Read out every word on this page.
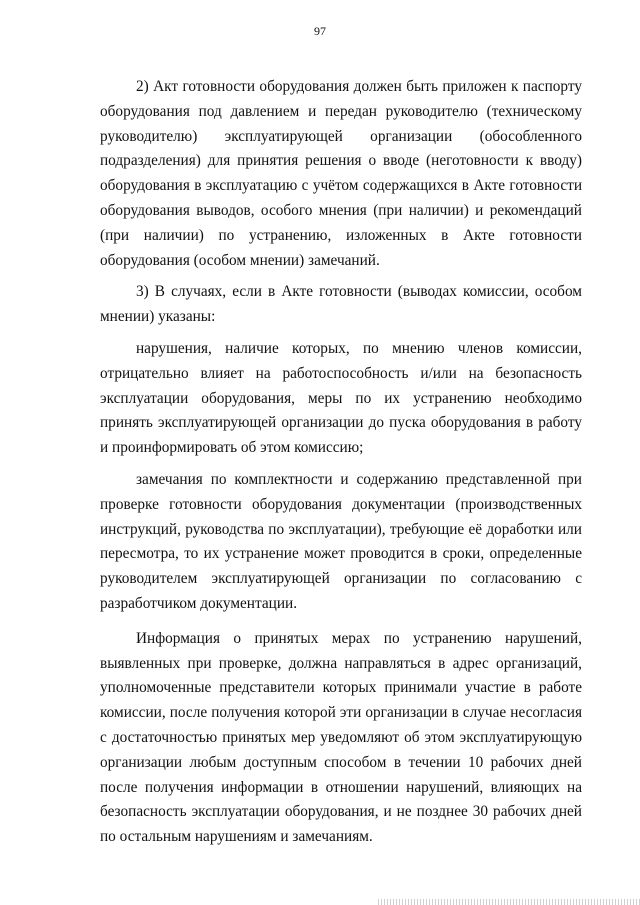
97

2) Акт готовности оборудования должен быть приложен к паспорту оборудования под давлением и передан руководителю (техническому руководителю) эксплуатирующей организации (обособленного подразделения) для принятия решения о вводе (неготовности к вводу) оборудования в эксплуатацию с учётом содержащихся в Акте готовности оборудования выводов, особого мнения (при наличии) и рекомендаций (при наличии) по устранению, изложенных в Акте готовности оборудования (особом мнении) замечаний.

3) В случаях, если в Акте готовности (выводах комиссии, особом мнении) указаны:

нарушения, наличие которых, по мнению членов комиссии, отрицательно влияет на работоспособность и/или на безопасность эксплуатации оборудования, меры по их устранению необходимо принять эксплуатирующей организации до пуска оборудования в работу и проинформировать об этом комиссию;

замечания по комплектности и содержанию представленной при проверке готовности оборудования документации (производственных инструкций, руководства по эксплуатации), требующие её доработки или пересмотра, то их устранение может проводится в сроки, определенные руководителем эксплуатирующей организации по согласованию с разработчиком документации.

Информация о принятых мерах по устранению нарушений, выявленных при проверке, должна направляться в адрес организаций, уполномоченные представители которых принимали участие в работе комиссии, после получения которой эти организации в случае несогласия с достаточностью принятых мер уведомляют об этом эксплуатирующую организации любым доступным способом в течении 10 рабочих дней после получения информации в отношении нарушений, влияющих на безопасность эксплуатации оборудования, и не позднее 30 рабочих дней по остальным нарушениям и замечаниям.
